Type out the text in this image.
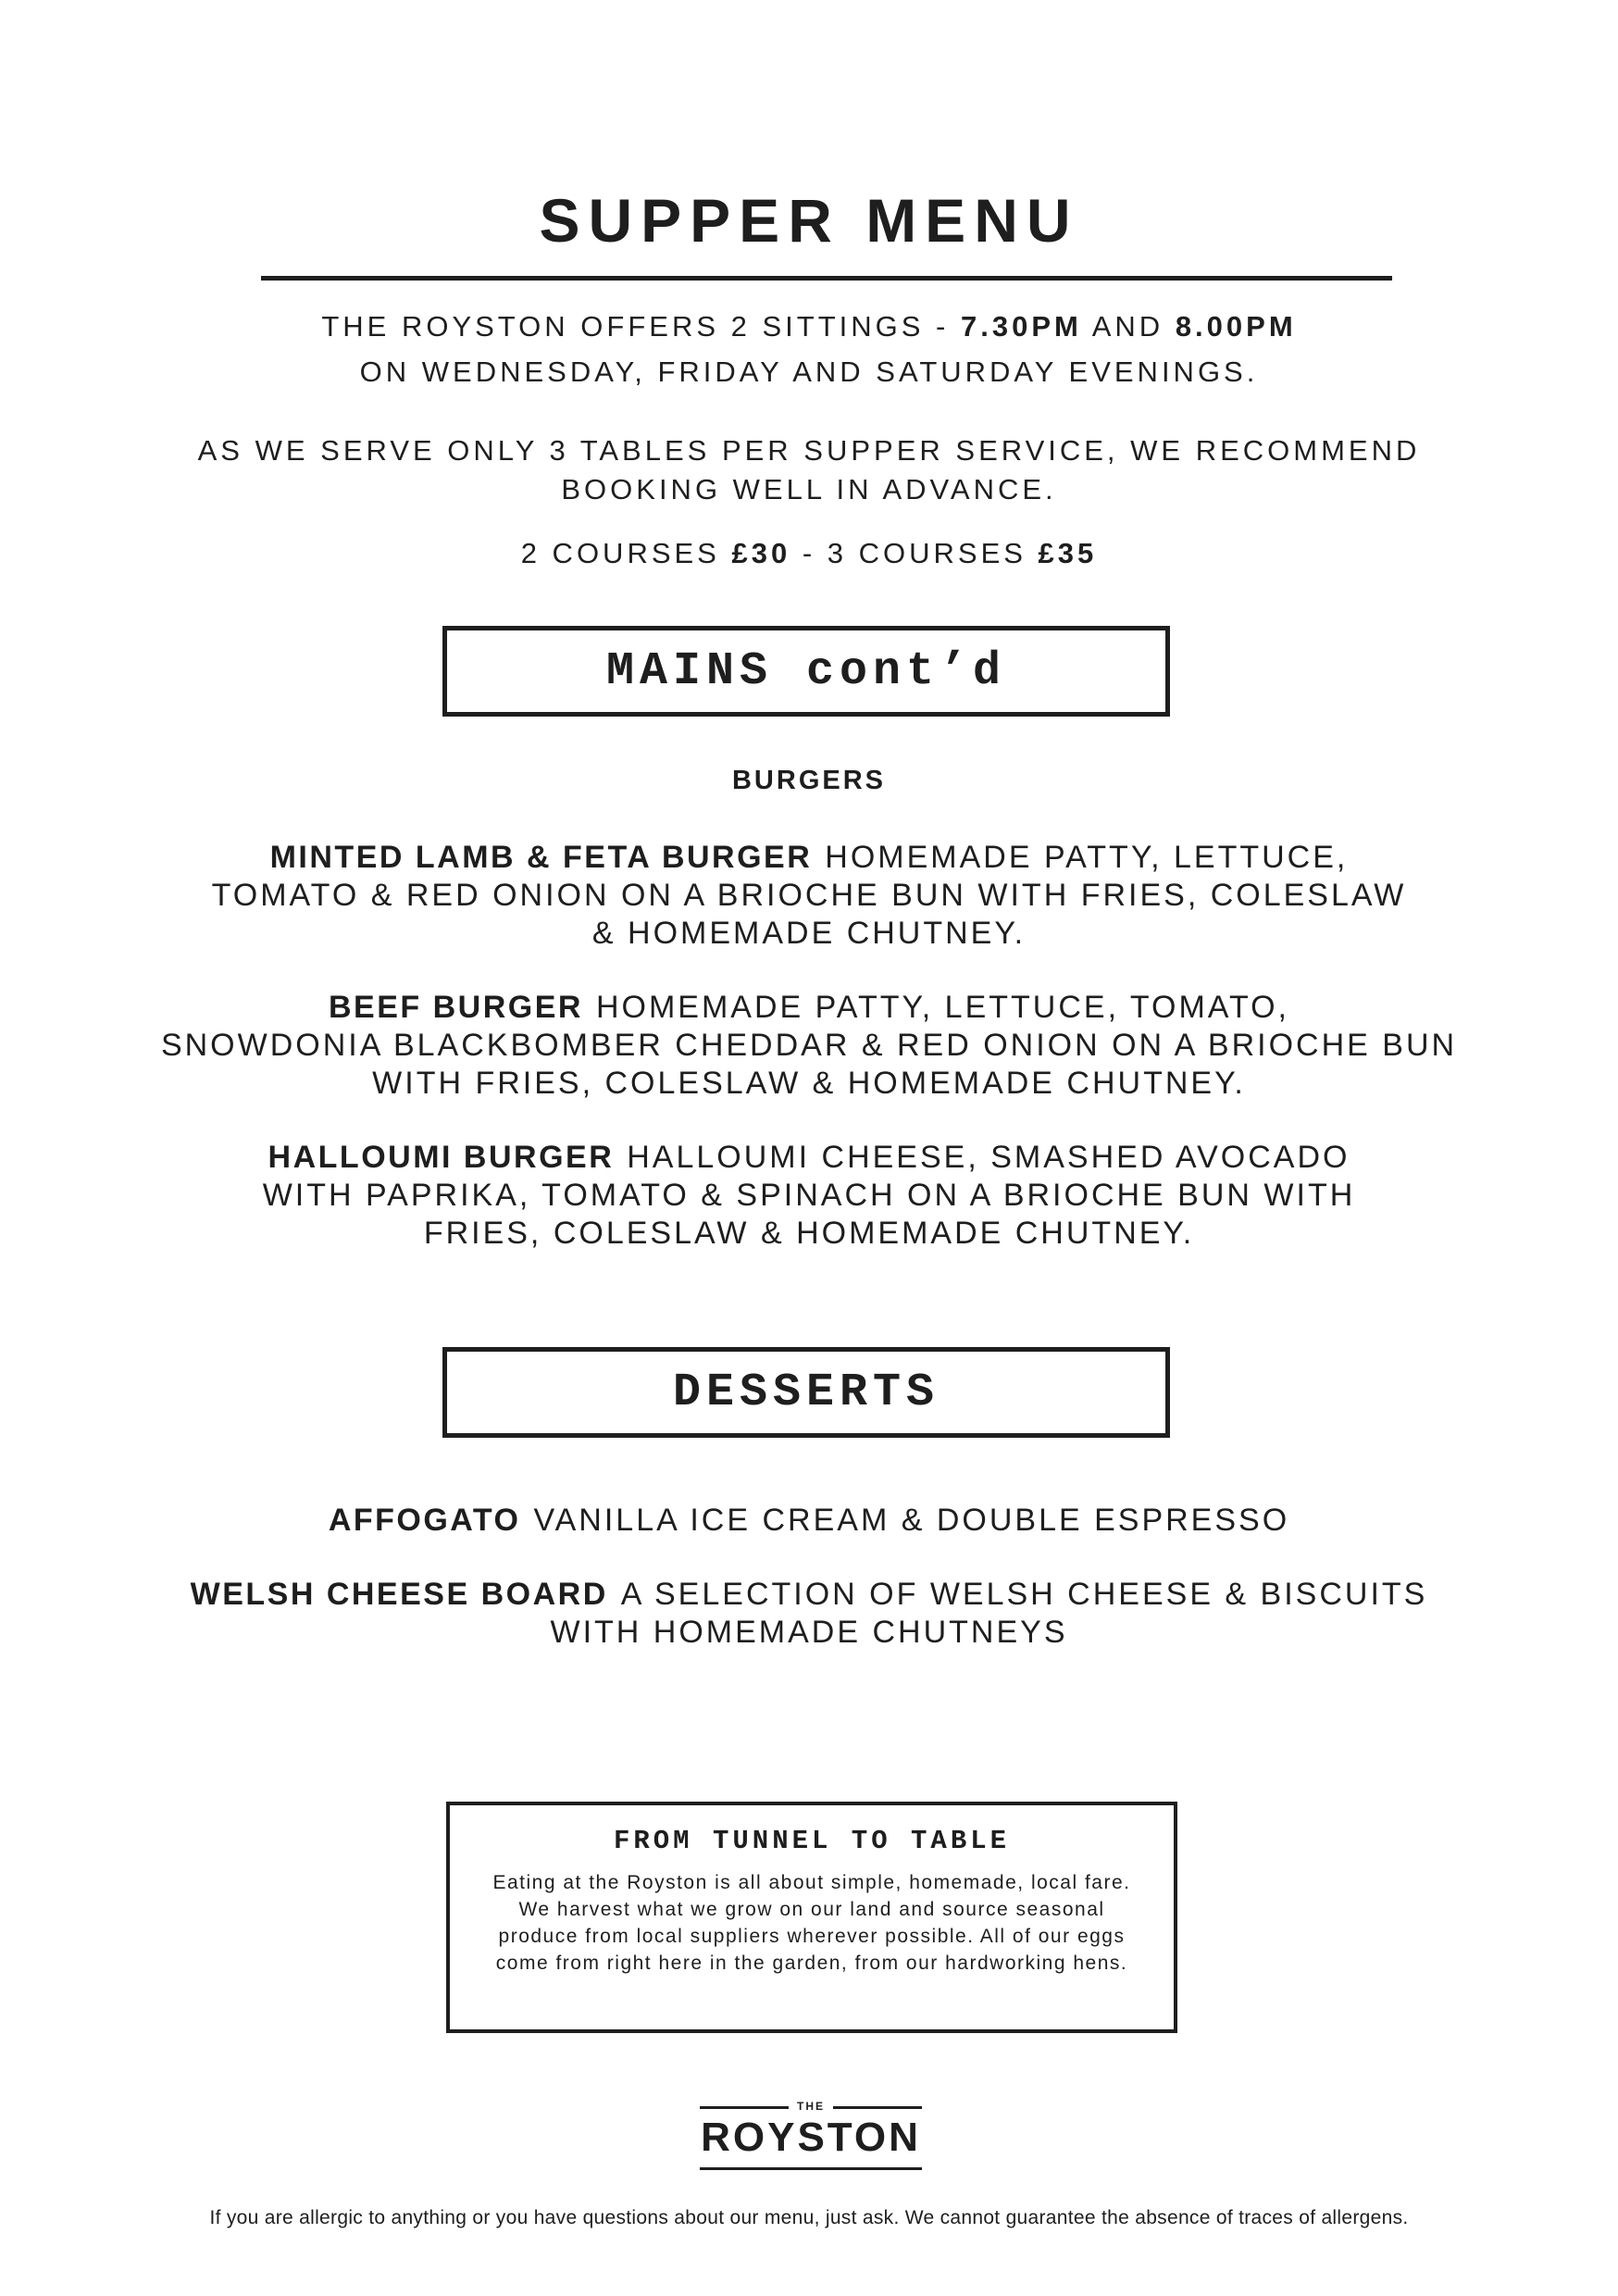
SUPPER MENU
THE ROYSTON OFFERS 2 SITTINGS - 7.30PM AND 8.00PM
ON WEDNESDAY, FRIDAY AND SATURDAY EVENINGS.
AS WE SERVE ONLY 3 TABLES PER SUPPER SERVICE, WE RECOMMEND
BOOKING WELL IN ADVANCE.
2 COURSES £30 - 3 COURSES £35
MAINS cont’d
BURGERS
MINTED LAMB & FETA BURGER HOMEMADE PATTY, LETTUCE,
TOMATO & RED ONION ON A BRIOCHE BUN WITH FRIES, COLESLAW
& HOMEMADE CHUTNEY.
BEEF BURGER HOMEMADE PATTY, LETTUCE, TOMATO,
SNOWDONIA BLACKBOMBER CHEDDAR & RED ONION ON A BRIOCHE BUN
WITH FRIES, COLESLAW & HOMEMADE CHUTNEY.
HALLOUMI BURGER HALLOUMI CHEESE, SMASHED AVOCADO
WITH PAPRIKA, TOMATO & SPINACH ON A BRIOCHE BUN WITH
FRIES, COLESLAW & HOMEMADE CHUTNEY.
DESSERTS
AFFOGATO VANILLA ICE CREAM & DOUBLE ESPRESSO
WELSH CHEESE BOARD A SELECTION OF WELSH CHEESE & BISCUITS
WITH HOMEMADE CHUTNEYS
FROM TUNNEL TO TABLE
Eating at the Royston is all about simple, homemade, local fare. We harvest what we grow on our land and source seasonal produce from local suppliers wherever possible. All of our eggs come from right here in the garden, from our hardworking hens.
THE
ROYSTON
If you are allergic to anything or you have questions about our menu, just ask. We cannot guarantee the absence of traces of allergens.
